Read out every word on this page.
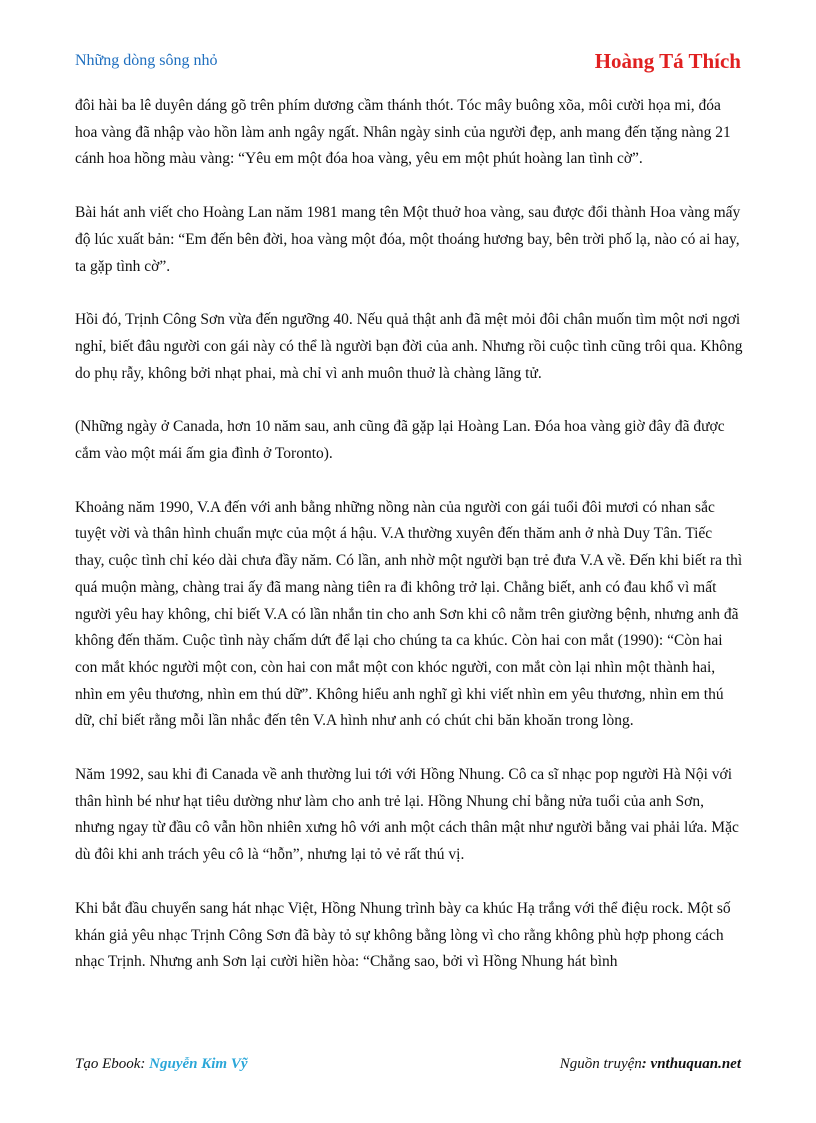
Những dòng sông nhỏ	Hoàng Tá Thích

đôi hài ba lê duyên dáng gõ trên phím dương cầm thánh thót. Tóc mây buông xõa, môi cười họa mi, đóa hoa vàng đã nhập vào hồn làm anh ngây ngất. Nhân ngày sinh của người đẹp, anh mang đến tặng nàng 21 cánh hoa hồng màu vàng: “Yêu em một đóa hoa vàng, yêu em một phút hoàng lan tình cờ”.

Bài hát anh viết cho Hoàng Lan năm 1981 mang tên Một thuở hoa vàng, sau được đổi thành Hoa vàng mấy độ lúc xuất bản: “Em đến bên đời, hoa vàng một đóa, một thoáng hương bay, bên trời phố lạ, nào có ai hay, ta gặp tình cờ”.

Hồi đó, Trịnh Công Sơn vừa đến ngưỡng 40. Nếu quả thật anh đã mệt mỏi đôi chân muốn tìm một nơi ngơi nghỉ, biết đâu người con gái này có thể là người bạn đời của anh. Nhưng rồi cuộc tình cũng trôi qua. Không do phụ rẫy, không bởi nhạt phai, mà chỉ vì anh muôn thuở là chàng lãng tử.

(Những ngày ở Canada, hơn 10 năm sau, anh cũng đã gặp lại Hoàng Lan. Đóa hoa vàng giờ đây đã được cắm vào một mái ấm gia đình ở Toronto).

Khoảng năm 1990, V.A đến với anh bằng những nồng nàn của người con gái tuổi đôi mươi có nhan sắc tuyệt vời và thân hình chuẩn mực của một á hậu. V.A thường xuyên đến thăm anh ở nhà Duy Tân. Tiếc thay, cuộc tình chỉ kéo dài chưa đầy năm. Có lần, anh nhờ một người bạn trẻ đưa V.A về. Đến khi biết ra thì quá muộn màng, chàng trai ấy đã mang nàng tiên ra đi không trở lại. Chẳng biết, anh có đau khổ vì mất người yêu hay không, chỉ biết V.A có lần nhắn tin cho anh Sơn khi cô nằm trên giường bệnh, nhưng anh đã không đến thăm. Cuộc tình này chấm dứt để lại cho chúng ta ca khúc. Còn hai con mắt (1990): “Còn hai con mắt khóc người một con, còn hai con mắt một con khóc người, con mắt còn lại nhìn một thành hai, nhìn em yêu thương, nhìn em thú dữ”. Không hiểu anh nghĩ gì khi viết nhìn em yêu thương, nhìn em thú dữ, chỉ biết rằng mỗi lần nhắc đến tên V.A hình như anh có chút chi băn khoăn trong lòng.

Năm 1992, sau khi đi Canada về anh thường lui tới với Hồng Nhung. Cô ca sĩ nhạc pop người Hà Nội với thân hình bé như hạt tiêu dường như làm cho anh trẻ lại. Hồng Nhung chỉ bằng nửa tuổi của anh Sơn, nhưng ngay từ đầu cô vẫn hồn nhiên xưng hô với anh một cách thân mật như người bằng vai phải lứa. Mặc dù đôi khi anh trách yêu cô là “hỗn”, nhưng lại tỏ vẻ rất thú vị.

Khi bắt đầu chuyển sang hát nhạc Việt, Hồng Nhung trình bày ca khúc Hạ trắng với thể điệu rock. Một số khán giả yêu nhạc Trịnh Công Sơn đã bày tỏ sự không bằng lòng vì cho rằng không phù hợp phong cách nhạc Trịnh. Nhưng anh Sơn lại cười hiền hòa: “Chẳng sao, bởi vì Hồng Nhung hát bình

Tạo Ebook: Nguyễn Kim Vỹ	Nguồn truyện: vnthuquan.net
